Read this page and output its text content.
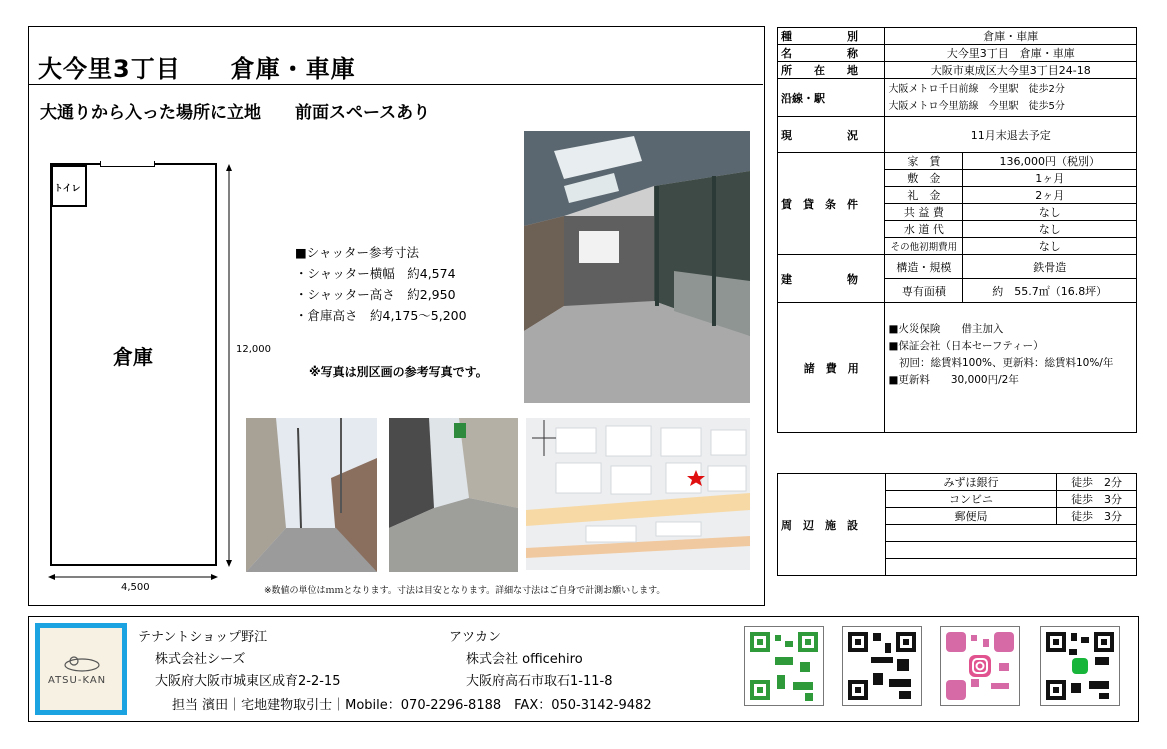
大今里3丁目　　倉庫・車庫
大通りから入った場所に立地　　前面スペースあり
トイレ
倉庫	12,000
4,500
■シャッター参考寸法
・シャッター横幅　約4,574
・シャッター高さ　約2,950
・倉庫高さ　約4,175〜5,200
※写真は別区画の参考写真です。
※数値の単位はｍｍとなります。寸法は目安となります。詳細な寸法はご自身で計測お願いします。
種　　　　　別	倉庫・車庫	
名　　　　　称	大今里3丁目　倉庫・車庫	
所　　在　　地	大阪市東成区大今里3丁目24-18	
沿線・駅	大阪メトロ千日前線　今里駅　徒歩2分
大阪メトロ今里筋線　今里駅　徒歩5分	

現　　　　　況	11月末退去予定	
賃　貸　条　件	家　賃	136,000円（税別）
	敷　金	1ヶ月
	礼　金	2ヶ月
	共 益 費	なし
	水 道 代	なし
	その他初期費用	なし
建　　　　　物	構造・規模	鉄骨造
	専有面積	約　55.7㎡（16.8坪）
諸　費　用	■火災保険　　借主加入
■保証会社（日本セーフティー）
　初回：総賃料100%、更新料：総賃料10%/年
■更新料　　30,000円/2年	
周　辺　施　設	みずほ銀行	徒歩　2分
	コンビニ	徒歩　3分
	郵便局	徒歩　3分

ATSU-KAN
テナントショップ野江
株式会社シーズ
大阪府大阪市城東区成育2-2-15
アツカン
株式会社 officehiro
大阪府高石市取石1-11-8
担当 濱田｜宅地建物取引士｜Mobile：070-2296-8188　FAX：050-3142-9482
